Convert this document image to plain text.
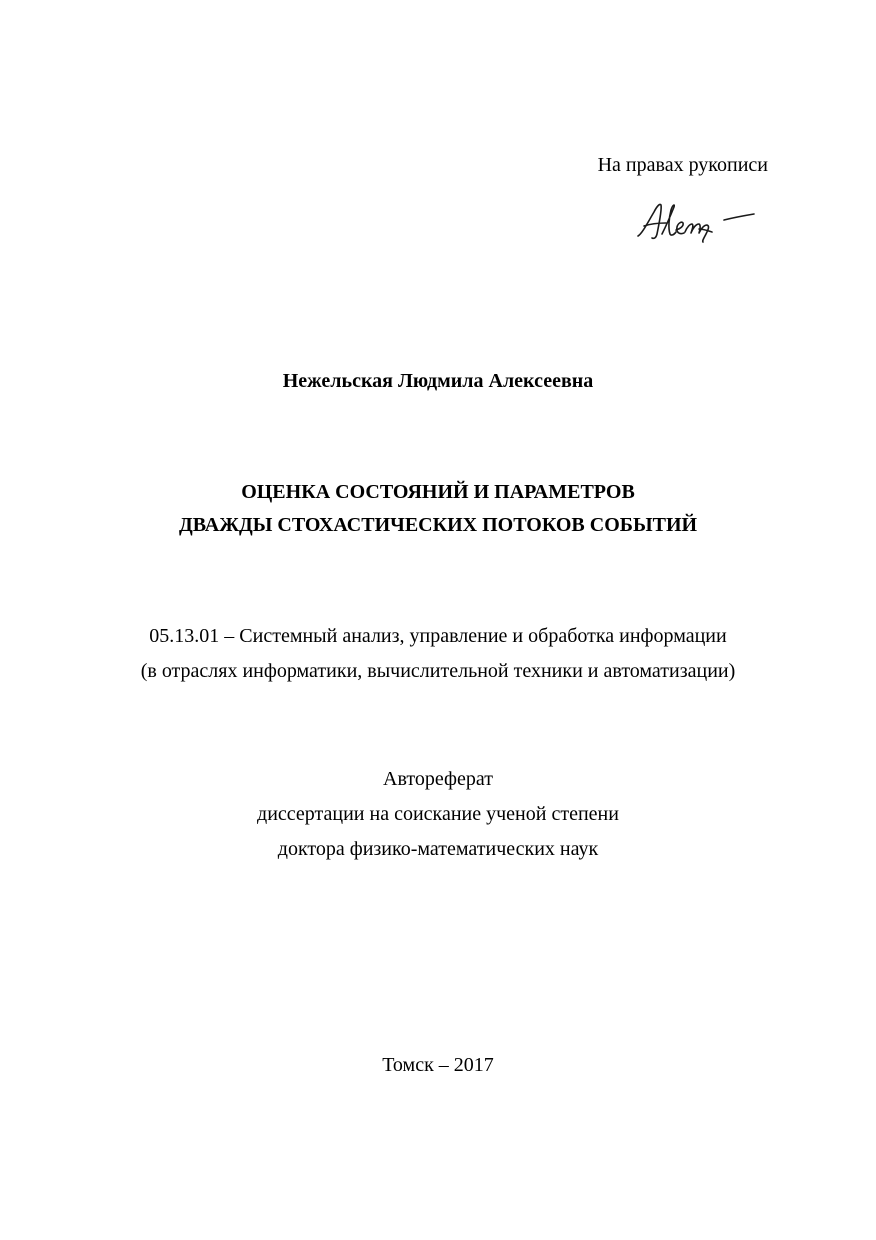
На правах рукописи
Нежельская Людмила Алексеевна
ОЦЕНКА СОСТОЯНИЙ И ПАРАМЕТРОВ
ДВАЖДЫ СТОХАСТИЧЕСКИХ ПОТОКОВ СОБЫТИЙ
05.13.01 – Системный анализ, управление и обработка информации
(в отраслях информатики, вычислительной техники и автоматизации)
Автореферат
диссертации на соискание ученой степени
доктора физико-математических наук
Томск – 2017
